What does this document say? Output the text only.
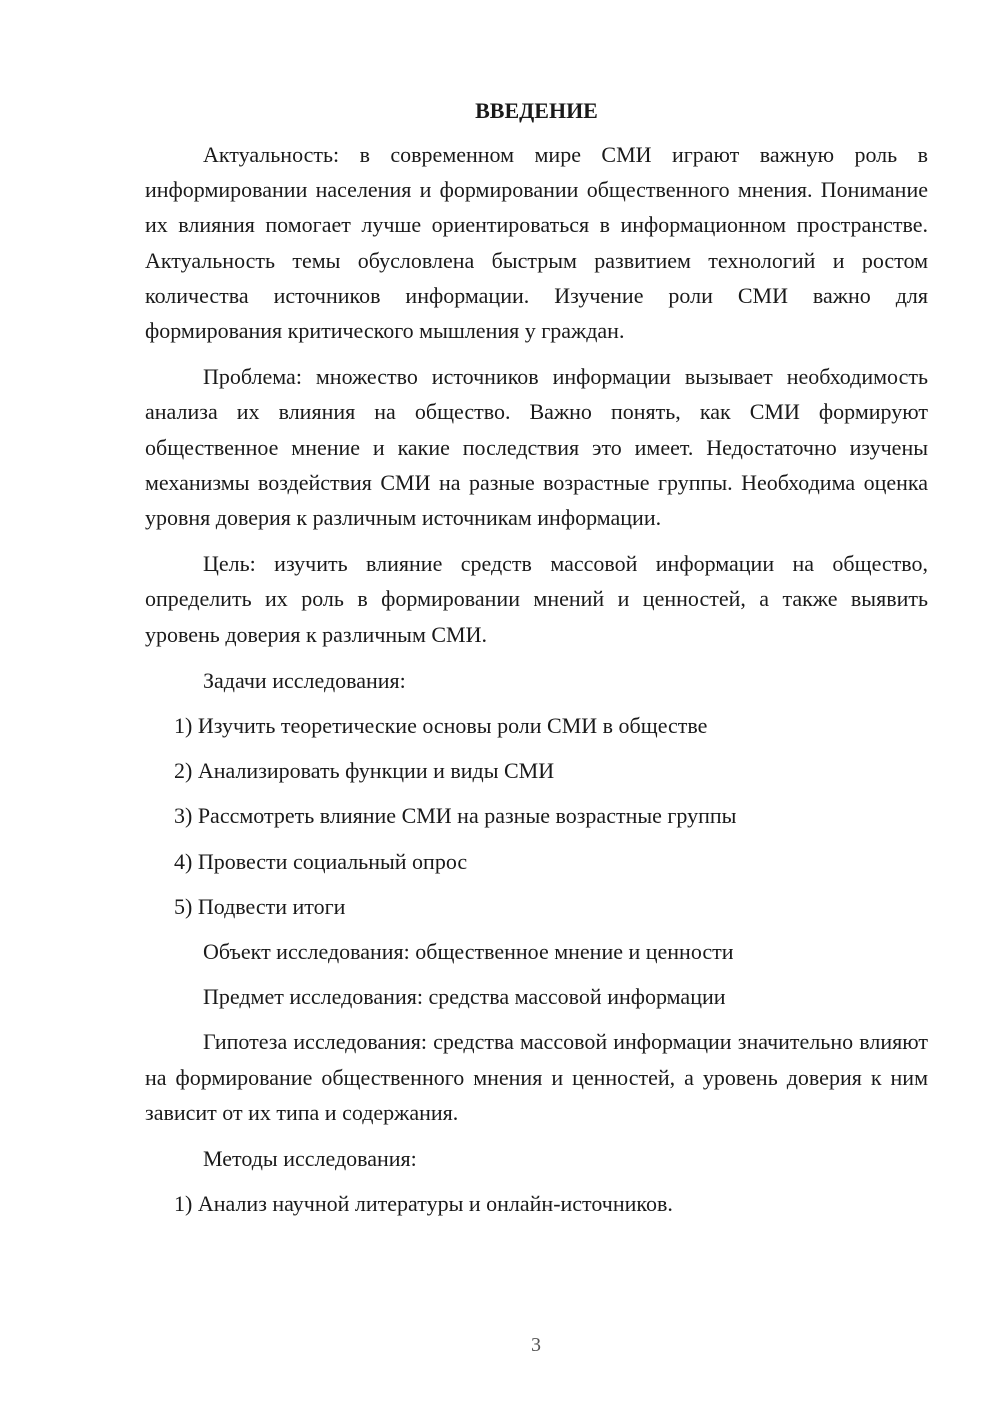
ВВЕДЕНИЕ
Актуальность: в современном мире СМИ играют важную роль в информировании населения и формировании общественного мнения. Понимание их влияния помогает лучше ориентироваться в информационном пространстве. Актуальность темы обусловлена быстрым развитием технологий и ростом количества источников информации. Изучение роли СМИ важно для формирования критического мышления у граждан.
Проблема: множество источников информации вызывает необходимость анализа их влияния на общество. Важно понять, как СМИ формируют общественное мнение и какие последствия это имеет. Недостаточно изучены механизмы воздействия СМИ на разные возрастные группы. Необходима оценка уровня доверия к различным источникам информации.
Цель: изучить влияние средств массовой информации на общество, определить их роль в формировании мнений и ценностей, а также выявить уровень доверия к различным СМИ.
Задачи исследования:
1) Изучить теоретические основы роли СМИ в обществе
2) Анализировать функции и виды СМИ
3) Рассмотреть влияние СМИ на разные возрастные группы
4) Провести социальный опрос
5) Подвести итоги
Объект исследования: общественное мнение и ценности
Предмет исследования: средства массовой информации
Гипотеза исследования: средства массовой информации значительно влияют на формирование общественного мнения и ценностей, а уровень доверия к ним зависит от их типа и содержания.
Методы исследования:
1) Анализ научной литературы и онлайн-источников.
3
